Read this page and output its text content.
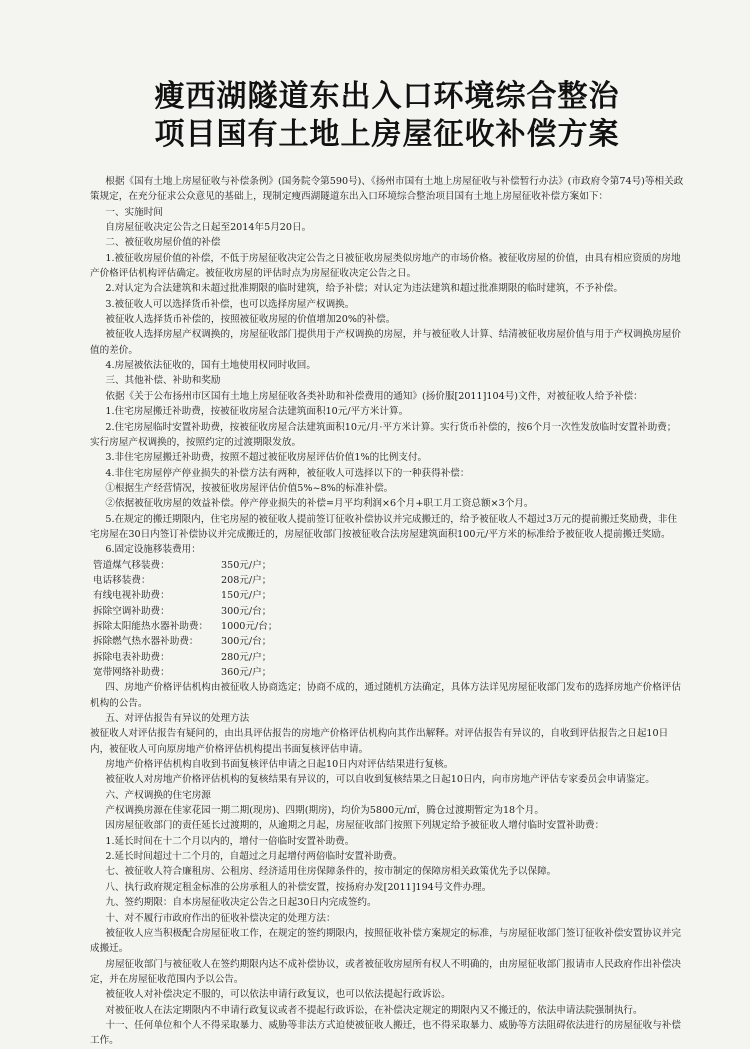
瘦西湖隧道东出入口环境综合整治
项目国有土地上房屋征收补偿方案

根据《国有土地上房屋征收与补偿条例》(国务院令第590号)、《扬州市国有土地上房屋征收与补偿暂行办法》(市政府令第74号)等相关政策规定，在充分征求公众意见的基础上，现制定瘦西湖隧道东出入口环境综合整治项目国有土地上房屋征收补偿方案如下：

一、实施时间

自房屋征收决定公告之日起至2014年5月20日。

二、被征收房屋价值的补偿

1.被征收房屋价值的补偿，不低于房屋征收决定公告之日被征收房屋类似房地产的市场价格。被征收房屋的价值，由具有相应资质的房地产价格评估机构评估确定。被征收房屋的评估时点为房屋征收决定公告之日。

2.对认定为合法建筑和未超过批准期限的临时建筑，给予补偿；对认定为违法建筑和超过批准期限的临时建筑，不予补偿。

3.被征收人可以选择货币补偿，也可以选择房屋产权调换。

被征收人选择货币补偿的，按照被征收房屋的价值增加20%的补偿。

被征收人选择房屋产权调换的，房屋征收部门提供用于产权调换的房屋，并与被征收人计算、结清被征收房屋价值与用于产权调换房屋价值的差价。

4.房屋被依法征收的，国有土地使用权同时收回。

三、其他补偿、补助和奖励

依据《关于公布扬州市区国有土地上房屋征收各类补助和补偿费用的通知》(扬价服[2011]104号)文件，对被征收人给予补偿：

1.住宅房屋搬迁补助费，按被征收房屋合法建筑面积10元/平方米计算。

2.住宅房屋临时安置补助费，按被征收房屋合法建筑面积10元/月·平方米计算。实行货币补偿的，按6个月一次性发放临时安置补助费；实行房屋产权调换的，按照约定的过渡期限发放。

3.非住宅房屋搬迁补助费，按照不超过被征收房屋评估价值1%的比例支付。

4.非住宅房屋停产停业损失的补偿方法有两种，被征收人可选择以下的一种获得补偿：

①根据生产经营情况，按被征收房屋评估价值5%~8%的标准补偿。

②依据被征收房屋的效益补偿。停产停业损失的补偿=月平均利润×6个月+职工月工资总额×3个月。

5.在规定的搬迁期限内，住宅房屋的被征收人提前签订征收补偿协议并完成搬迁的，给予被征收人不超过3万元的提前搬迁奖励费，非住宅房屋在30日内签订补偿协议并完成搬迁的，房屋征收部门按被征收合法房屋建筑面积100元/平方米的标准给予被征收人提前搬迁奖励。

6.固定设施移装费用：

管道煤气移装费：	350元/户；
电话移装费：	208元/户；
有线电视补助费：	150元/户；
拆除空调补助费：	300元/台；
拆除太阳能热水器补助费：	1000元/台；
拆除燃气热水器补助费：	300元/台；
拆除电表补助费：	280元/户；
宽带网络补助费：	360元/户；

四、房地产价格评估机构由被征收人协商选定；协商不成的，通过随机方法确定，具体方法详见房屋征收部门发布的选择房地产价格评估机构的公告。

五、对评估报告有异议的处理方法

被征收人对评估报告有疑问的，由出具评估报告的房地产价格评估机构向其作出解释。对评估报告有异议的，自收到评估报告之日起10日内，被征收人可向原房地产价格评估机构提出书面复核评估申请。

房地产价格评估机构自收到书面复核评估申请之日起10日内对评估结果进行复核。

被征收人对房地产价格评估机构的复核结果有异议的，可以自收到复核结果之日起10日内，向市房地产评估专家委员会申请鉴定。

六、产权调换的住宅房源

产权调换房源在佳家花园一期二期(现房)、四期(期房)，均价为5800元/㎡，腾仓过渡期暂定为18个月。

因房屋征收部门的责任延长过渡期的，从逾期之月起，房屋征收部门按照下列规定给予被征收人增付临时安置补助费：

1.延长时间在十二个月以内的，增付一倍临时安置补助费。

2.延长时间超过十二个月的，自超过之月起增付两倍临时安置补助费。

七、被征收人符合廉租房、公租房、经济适用住房保障条件的，按市制定的保障房相关政策优先予以保障。

八、执行政府规定租金标准的公房承租人的补偿安置，按扬府办发[2011]194号文件办理。

九、签约期限：自本房屋征收决定公告之日起30日内完成签约。

十、对不履行市政府作出的征收补偿决定的处理方法：

被征收人应当积极配合房屋征收工作，在规定的签约期限内，按照征收补偿方案规定的标准，与房屋征收部门签订征收补偿安置协议并完成搬迁。

房屋征收部门与被征收人在签约期限内达不成补偿协议，或者被征收房屋所有权人不明确的，由房屋征收部门报请市人民政府作出补偿决定，并在房屋征收范围内予以公告。

被征收人对补偿决定不服的，可以依法申请行政复议，也可以依法提起行政诉讼。

对被征收人在法定期限内不申请行政复议或者不提起行政诉讼，在补偿决定规定的期限内又不搬迁的，依法申请法院强制执行。

十一、任何单位和个人不得采取暴力、威胁等非法方式迫使被征收人搬迁，也不得采取暴力、威胁等方法阻碍依法进行的房屋征收与补偿工作。
